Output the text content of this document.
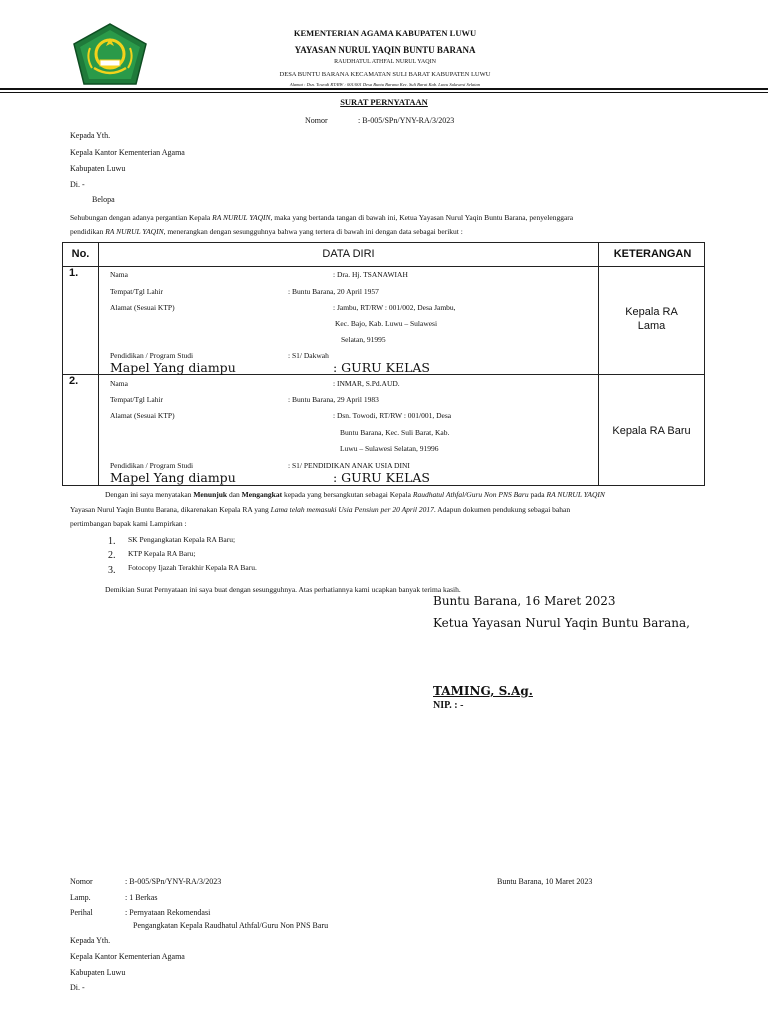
KEMENTERIAN AGAMA KABUPATEN LUWU
YAYASAN NURUL YAQIN BUNTU BARANA
RAUDHATUL ATHFAL NURUL YAQIN
DESA BUNTU BARANA KECAMATAN SULI BARAT KABUPATEN LUWU
Alamat : Dsn. Towodi RT/RW : 001/001 Desa Buntu Barana Kec. Suli Barat Kab. Luwu Sulawesi Selatan
SURAT PERNYATAAN
Nomor	: B-005/SPn/YNY-RA/3/2023
Kepada Yth.
Kepala Kantor Kementerian Agama
Kabupaten Luwu
Di. -
Belopa
Sehubungan dengan adanya pergantian Kepala RA NURUL YAQIN, maka yang bertanda tangan di bawah ini, Ketua Yayasan Nurul Yaqin Buntu Barana, penyelenggara
pendidikan RA NURUL YAQIN, menerangkan dengan sesungguhnya bahwa yang tertera di bawah ini dengan data sebagai berikut :
No.	DATA DIRI	KETERANGAN
1.	Nama	: Dra. Hj. TSANAWIAH
Tempat/Tgl Lahir	: Buntu Barana, 20 April 1957
Alamat (Sesuai KTP)	: Jambu, RT/RW : 001/002, Desa Jambu,
Kec. Bajo, Kab. Luwu – Sulawesi
Selatan, 91995
Pendidikan / Program Studi	: S1/ Dakwah
Mapel Yang diampu	: GURU KELAS
Kepala RA
Lama
2.	Nama	: INMAR, S.Pd.AUD.
Tempat/Tgl Lahir	: Buntu Barana, 29 April 1983
Alamat (Sesuai KTP)	: Dsn. Towodi, RT/RW : 001/001, Desa
Buntu Barana, Kec. Suli Barat, Kab.
Luwu – Sulawesi Selatan, 91996
Pendidikan / Program Studi	: S1/ PENDIDIKAN ANAK USIA DINI
Mapel Yang diampu	: GURU KELAS
Kepala RA Baru
Dengan ini saya menyatakan Menunjuk dan Mengangkat kepada yang bersangkutan sebagai Kepala Raudhatul Athfal/Guru Non PNS Baru pada RA NURUL YAQIN
Yayasan Nurul Yaqin Buntu Barana, dikarenakan Kepala RA yang Lama telah memasuki Usia Pensiun per 20 April 2017. Adapun dokumen pendukung sebagai bahan
pertimbangan bapak kami Lampirkan :
1. SK Pengangkatan Kepala RA Baru;
2. KTP Kepala RA Baru;
3. Fotocopy Ijazah Terakhir Kepala RA Baru.
Demikian Surat Pernyataan ini saya buat dengan sesungguhnya. Atas perhatiannya kami ucapkan banyak terima kasih.
Buntu Barana, 16 Maret 2023
Ketua Yayasan Nurul Yaqin Buntu Barana,
TAMING, S.Ag.
NIP. : -
Nomor	: B-005/SPn/YNY-RA/3/2023	Buntu Barana, 10 Maret 2023
Lamp.	: 1 Berkas
Perihal	: Pernyataan Rekomendasi
Pengangkatan Kepala Raudhatul Athfal/Guru Non PNS Baru
Kepada Yth.
Kepala Kantor Kementerian Agama
Kabupaten Luwu
Di. -
